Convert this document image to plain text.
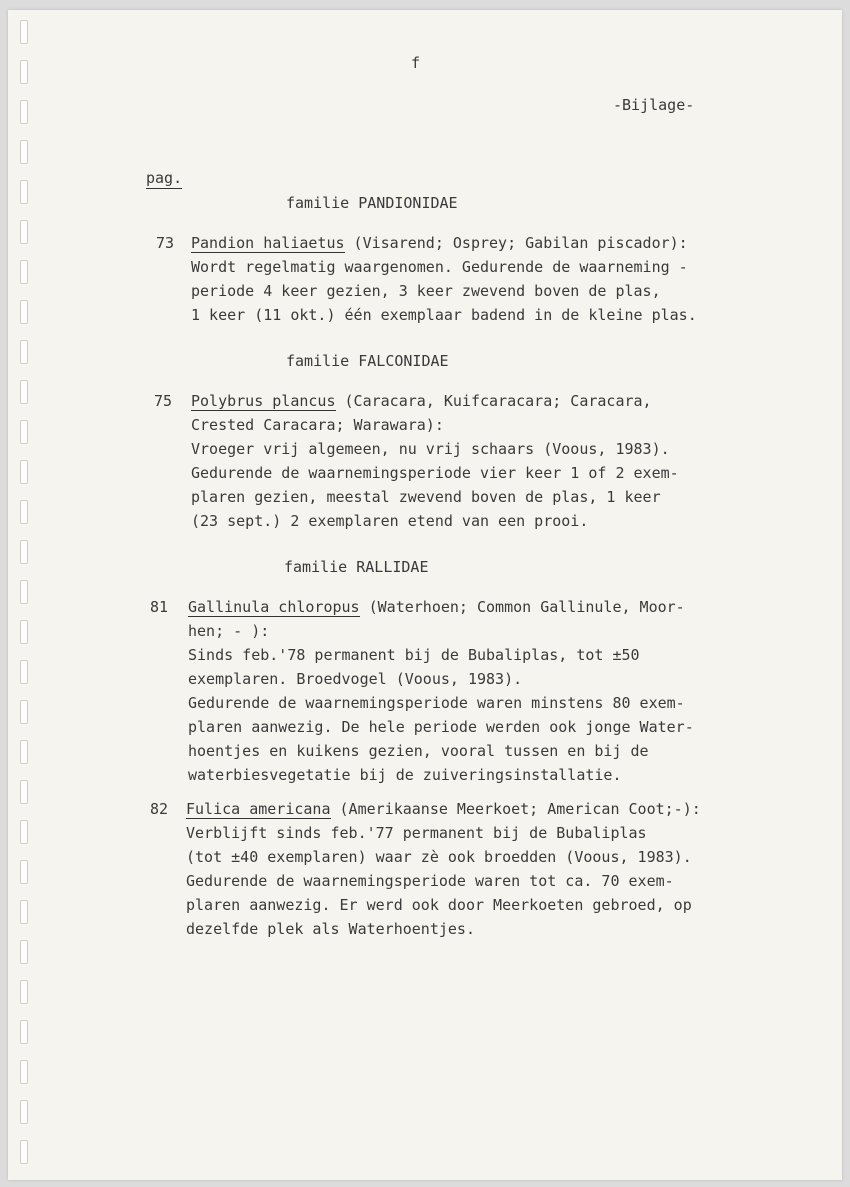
f
-Bijlage-
pag.
familie PANDIONIDAE
73 Pandion haliaetus (Visarend; Osprey; Gabilan piscador):
Wordt regelmatig waargenomen. Gedurende de waarneming -
periode 4 keer gezien, 3 keer zwevend boven de plas,
1 keer (11 okt.) één exemplaar badend in de kleine plas.
familie FALCONIDAE
75 Polybrus plancus (Caracara, Kuifcaracara; Caracara,
Crested Caracara; Warawara):
Vroeger vrij algemeen, nu vrij schaars (Voous, 1983).
Gedurende de waarnemingsperiode vier keer 1 of 2 exem-
plaren gezien, meestal zwevend boven de plas, 1 keer
(23 sept.) 2 exemplaren etend van een prooi.
familie RALLIDAE
81 Gallinula chloropus (Waterhoen; Common Gallinule, Moor-
hen; - ):
Sinds feb.'78 permanent bij de Bubaliplas, tot ±50
exemplaren. Broedvogel (Voous, 1983).
Gedurende de waarnemingsperiode waren minstens 80 exem-
plaren aanwezig. De hele periode werden ook jonge Water-
hoentjes en kuikens gezien, vooral tussen en bij de
waterbiesvegetatie bij de zuiveringsinstallatie.
82 Fulica americana (Amerikaanse Meerkoet; American Coot;-):
Verblijft sinds feb.'77 permanent bij de Bubaliplas
(tot ±40 exemplaren) waar zè ook broedden (Voous, 1983).
Gedurende de waarnemingsperiode waren tot ca. 70 exem-
plaren aanwezig. Er werd ook door Meerkoeten gebroed, op
dezelfde plek als Waterhoentjes.
